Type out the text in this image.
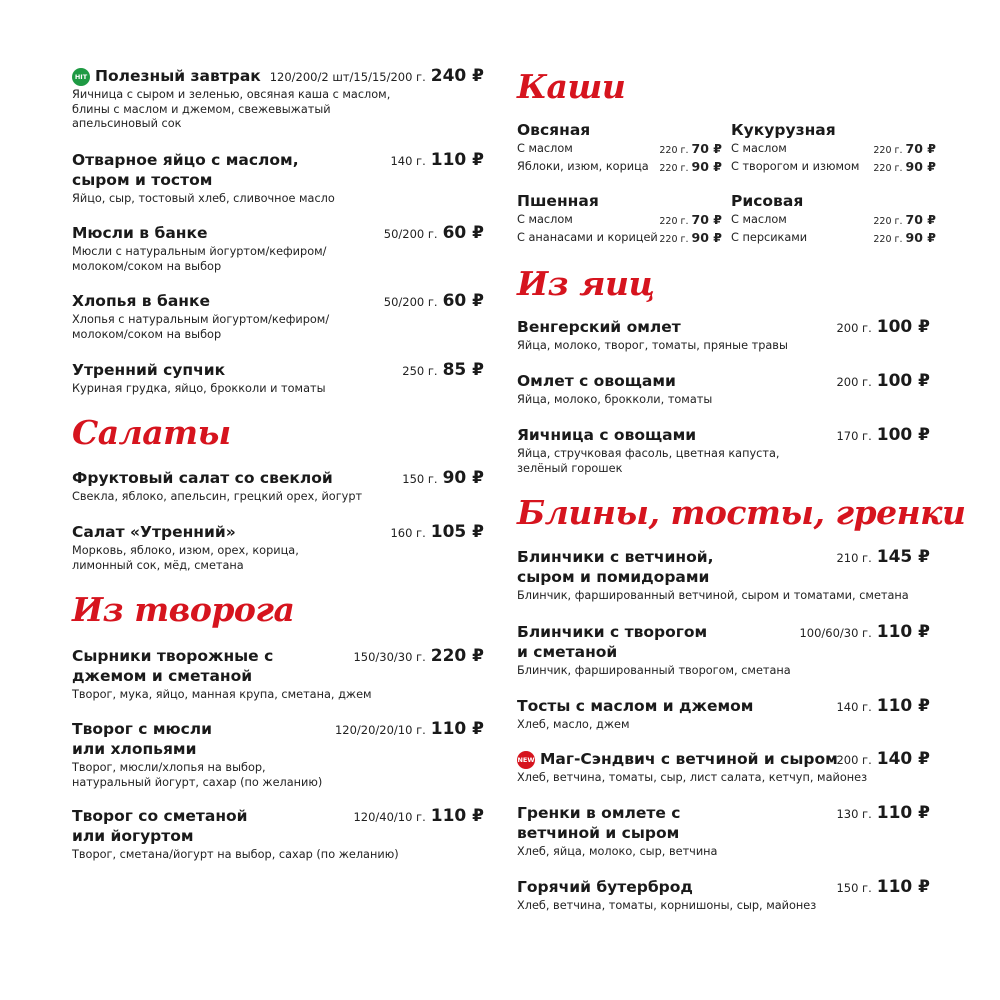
HIT Полезный завтрак 120/200/2 шт/15/15/200 г. 240 ₽
Яичница с сыром и зеленью, овсяная каша с маслом, блины с маслом и джемом, свежевыжатый апельсиновый сок
Отварное яйцо с маслом, сыром и тостом
140 г. 110 ₽
Яйцо, сыр, тостовый хлеб, сливочное масло
Мюсли в банке	50/200 г. 60 ₽
Мюсли с натуральным йогуртом/кефиром/ молоком/соком на выбор
Хлопья в банке	50/200 г. 60 ₽
Хлопья с натуральным йогуртом/кефиром/ молоком/соком на выбор
Утренний супчик	250 г. 85 ₽
Куриная грудка, яйцо, брокколи и томаты
Салаты
Фруктовый салат со свеклой	150 г. 90 ₽
Свекла, яблоко, апельсин, грецкий орех, йогурт
Салат «Утренний»	160 г. 105 ₽
Морковь, яблоко, изюм, орех, корица, лимонный сок, мёд, сметана
Из творога
Сырники творожные с джемом и сметаной
150/30/30 г. 220 ₽
Творог, мука, яйцо, манная крупа, сметана, джем
Творог с мюсли или хлопьями
120/20/20/10 г. 110 ₽
Творог, мюсли/хлопья на выбор, натуральный йогурт, сахар (по желанию)
Творог со сметаной или йогуртом
120/40/10 г. 110 ₽
Творог, сметана/йогурт на выбор, сахар (по желанию)
Каши
Овсяная
С маслом	220 г. 70 ₽
Яблоки, изюм, корица 220 г. 90 ₽
Кукурузная
С маслом	220 г. 70 ₽
С творогом и изюмом 220 г. 90 ₽
Пшенная
С маслом	220 г. 70 ₽
С ананасами и корицей 220 г. 90 ₽
Рисовая
С маслом	220 г. 70 ₽
С персиками	220 г. 90 ₽
Из яиц
Венгерский омлет	200 г. 100 ₽
Яйца, молоко, творог, томаты, пряные травы
Омлет с овощами	200 г. 100 ₽
Яйца, молоко, брокколи, томаты
Яичница с овощами	170 г. 100 ₽
Яйца, стручковая фасоль, цветная капуста, зелёный горошек
Блины, тосты, гренки
Блинчики с ветчиной, сыром и помидорами
210 г. 145 ₽
Блинчик, фаршированный ветчиной, сыром и томатами, сметана
Блинчики с творогом и сметаной
100/60/30 г. 110 ₽
Блинчик, фаршированный творогом, сметана
Тосты с маслом и джемом	140 г. 110 ₽
Хлеб, масло, джем
NEW Маг-Сэндвич с ветчиной и сыром
200 г. 140 ₽
Хлеб, ветчина, томаты, сыр, лист салата, кетчуп, майонез
Гренки в омлете с ветчиной и сыром
130 г. 110 ₽
Хлеб, яйца, молоко, сыр, ветчина
Горячий бутерброд	150 г. 110 ₽
Хлеб, ветчина, томаты, корнишоны, сыр, майонез
